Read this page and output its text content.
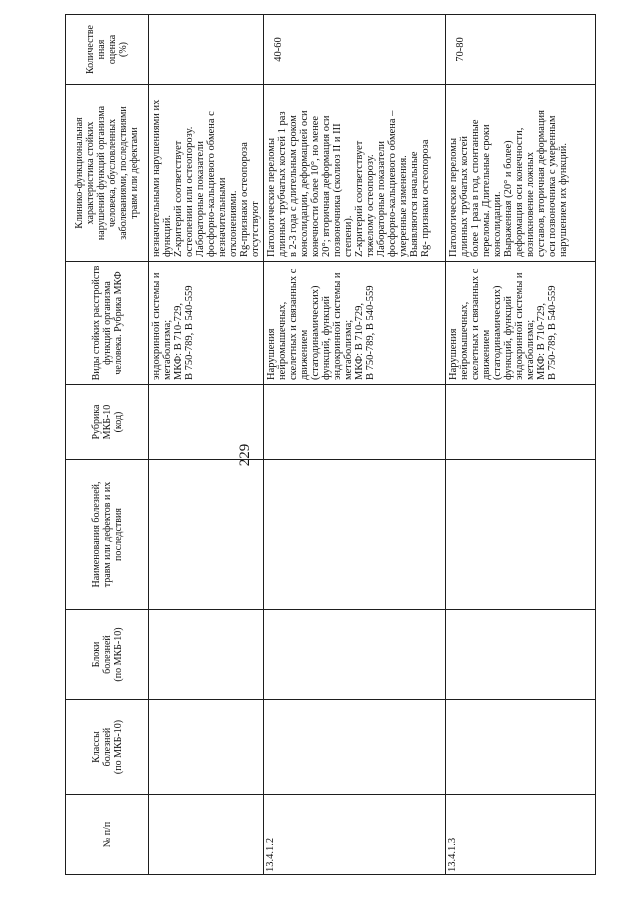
229
№ п/п
Классы
болезней
(по МКБ-10)
Блоки
болезней
(по МКБ-10)
Наименования болезней,
травм или дефектов и их
последствия
Рубрика
МКБ-10
(код)
Виды стойких расстройств
функций организма
человека. Рубрика МКФ
Клинико-функциональная
характеристика стойких
нарушений функций организма
человека, обусловленных
заболеваниями, последствиями
травм или дефектами
Количестве
нная
оценка
(%)
эндокринной системы и
метаболизма;
МКФ: В 710-729,
В 750-789, В 540-559
незначительными нарушениями их
функций.
Z-критерий соответствует
остеопении или остеопорозу.
Лабораторные показатели
фосфорно-кальциевого обмена с
незначительными
отклонениями.
Rg-признаки остеопороза
отсутствуют
13.4.1.2
Нарушения
нейромышечных,
скелетных и связанных с
движением
(статодинамических)
функций, функций
эндокринной системы и
метаболизма;
МКФ: В 710-729,
В 750-789, В 540-559
Патологические переломы
длинных трубчатых костей 1 раз
в 2-3 года с длительным сроком
консолидации, деформацией оси
конечности более 10°, но менее
20°; вторичная деформация оси
позвоночника (сколиоз II и III
степени).
Z-критерий соответствует
тяжелому остеопорозу.
Лабораторные показатели
фосфорно-кальциевого обмена –
умеренные изменения.
Выявляются начальные
Rg- признаки остеопороза
40-60
13.4.1.3
Нарушения
нейромышечных,
скелетных и связанных с
движением
(статодинамических)
функций, функций
эндокринной системы и
метаболизма;
МКФ: В 710-729,
В 750-789, В 540-559
Патологические переломы
длинных трубчатых костей
более 1 раза в год, спонтанные
переломы. Длительные сроки
консолидации.
Выраженная (20° и более)
деформация оси конечности,
возникновение ложных
суставов, вторичная деформация
оси позвоночника с умеренным
нарушением их функций.
70-80
